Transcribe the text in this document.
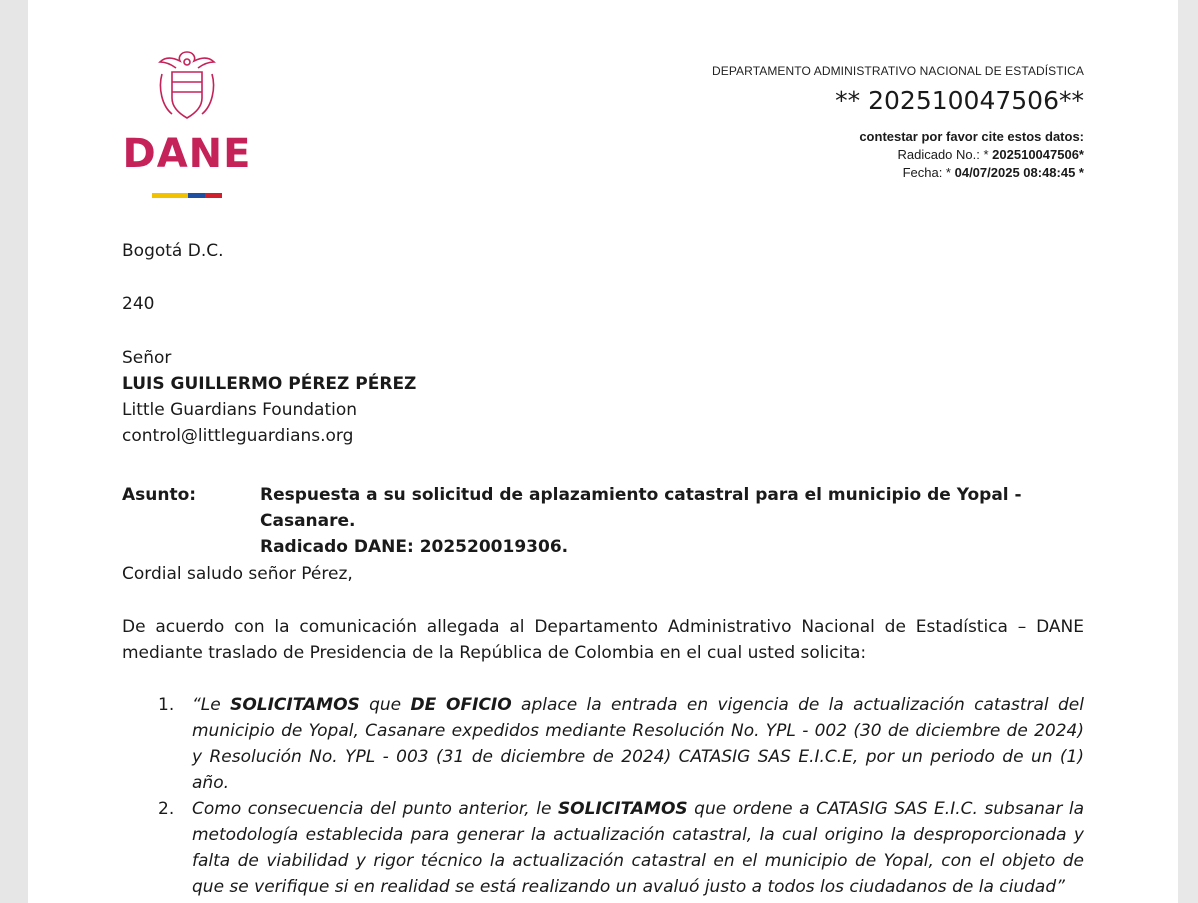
DANE
DEPARTAMENTO ADMINISTRATIVO NACIONAL DE ESTADÍSTICA
** 202510047506**
contestar por favor cite estos datos:
Radicado No.: * 202510047506*
Fecha: * 04/07/2025 08:48:45 *
Bogotá D.C.
240
Señor
LUIS GUILLERMO PÉREZ PÉREZ
Little Guardians Foundation
control@littleguardians.org
Asunto:	Respuesta a su solicitud de aplazamiento catastral para el municipio de Yopal - Casanare.
Radicado DANE: 202520019306.
Cordial saludo señor Pérez,
De acuerdo con la comunicación allegada al Departamento Administrativo Nacional de Estadística – DANE mediante traslado de Presidencia de la República de Colombia en el cual usted solicita:
1. “Le SOLICITAMOS que DE OFICIO aplace la entrada en vigencia de la actualización catastral del municipio de Yopal, Casanare expedidos mediante Resolución No. YPL - 002 (30 de diciembre de 2024) y Resolución No. YPL - 003 (31 de diciembre de 2024) CATASIG SAS E.I.C.E, por un periodo de un (1) año.
2. Como consecuencia del punto anterior, le SOLICITAMOS que ordene a CATASIG SAS E.I.C. subsanar la metodología establecida para generar la actualización catastral, la cual origino la desproporcionada y falta de viabilidad y rigor técnico la actualización catastral en el municipio de Yopal, con el objeto de que se verifique si en realidad se está realizando un avaluó justo a todos los ciudadanos de la ciudad”
